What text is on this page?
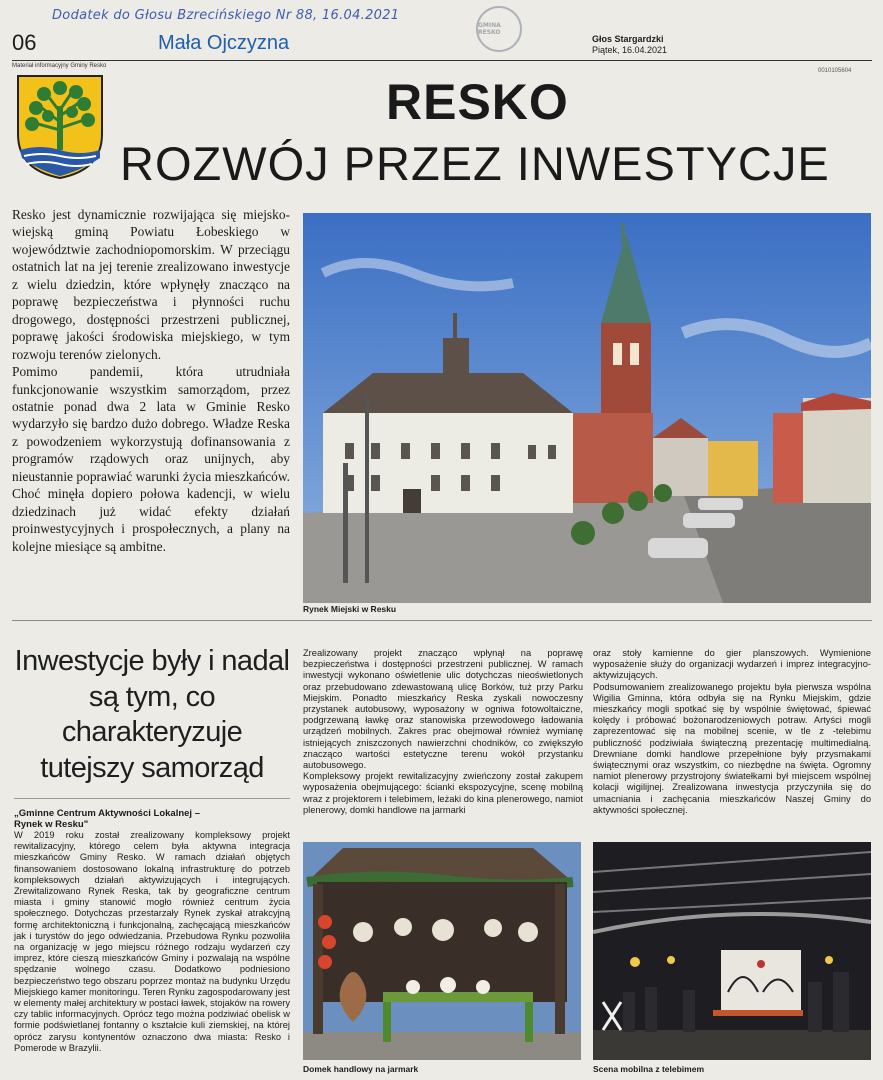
Dodatek do Głosu Bzrecińskiego Nr 88, 16.04.2021
GMINA RESKO
06	Mała Ojczyzna	Głos Stargardzki
Piątek, 16.04.2021
Materiał informacyjny Gminy Resko
0010105604
RESKO
ROZWÓJ PRZEZ INWESTYCJE

Resko jest dynamicznie rozwijająca się miejsko-wiejską gminą Powiatu Łobeskiego w województwie zachodniopomorskim. W przeciągu ostatnich lat na jej terenie zrealizowano inwestycje z wielu dziedzin, które wpłynęły znacząco na poprawę bezpieczeństwa i płynności ruchu drogowego, dostępności przestrzeni publicznej, poprawę jakości środowiska miejskiego, w tym rozwoju terenów zielonych.

Pomimo pandemii, która utrudniała funkcjonowanie wszystkim samorządom, przez ostatnie ponad dwa 2 lata w Gminie Resko wydarzyło się bardzo dużo dobrego. Władze Reska z powodzeniem wykorzystują dofinansowania z programów rządowych oraz unijnych, aby nieustannie poprawiać warunki życia mieszkańców. Choć minęła dopiero połowa kadencji, w wielu dziedzinach już widać efekty działań proinwestycyjnych i prospołecznych, a plany na kolejne miesiące są ambitne.

Rynek Miejski w Resku
Inwestycje były i nadal są tym, co charakteryzuje tutejszy samorząd
„Gminne Centrum Aktywności Lokalnej – Rynek w Resku"

W 2019 roku został zrealizowany kompleksowy projekt rewitalizacyjny, którego celem była aktywna integracja mieszkańców Gminy Resko. W ramach działań objętych finansowaniem dostosowano lokalną infrastrukturę do potrzeb kompleksowych działań aktywizujących i integrujących. Zrewitalizowano Rynek Reska, tak by geograficzne centrum miasta i gminy stanowić mogło również centrum życia społecznego. Dotychczas przestarzały Rynek zyskał atrakcyjną formę architektoniczną i funkcjonalną, zachęcającą mieszkańców jak i turystów do jego odwiedzania. Przebudowa Rynku pozwoliła na organizację w jego miejscu różnego rodzaju wydarzeń czy imprez, które cieszą mieszkańców Gminy i pozwalają na wspólne spędzanie wolnego czasu. Dodatkowo podniesiono bezpieczeństwo tego obszaru poprzez montaż na budynku Urzędu Miejskiego kamer monitoringu. Teren Rynku zagospodarowany jest w elementy małej architektury w postaci ławek, stojaków na rowery czy tablic informacyjnych. Oprócz tego można podziwiać obelisk w formie podświetlanej fontanny o kształcie kuli ziemskiej, na której oprócz zarysu kontynentów oznaczono dwa miasta: Resko i Pomerode w Brazylii.

Zrealizowany projekt znacząco wpłynął na poprawę bezpieczeństwa i dostępności przestrzeni publicznej. W ramach inwestycji wykonano oświetlenie ulic dotychczas nieoświetlonych oraz przebudowano zdewastowaną ulicę Borków, tuż przy Parku Miejskim. Ponadto mieszkańcy Reska zyskali nowoczesny przystanek autobusowy, wyposażony w ogniwa fotowoltaiczne, podgrzewaną ławkę oraz stanowiska przewodowego ładowania urządzeń mobilnych. Zakres prac obejmował również wymianę istniejących zniszczonych nawierzchni chodników, co zwiększyło znacząco wartości estetyczne terenu wokół przystanku autobusowego.

Kompleksowy projekt rewitalizacyjny zwieńczony został zakupem wyposażenia obejmującego: ścianki ekspozycyjne, scenę mobilną wraz z projektorem i telebimem, leżaki do kina plenerowego, namiot plenerowy, domki handlowe na jarmarki

oraz stoły kamienne do gier planszowych. Wymienione wyposażenie służy do organizacji wydarzeń i imprez integracyjno-aktywizujących.

Podsumowaniem zrealizowanego projektu była pierwsza wspólna Wigilia Gminna, która odbyła się na Rynku Miejskim, gdzie mieszkańcy mogli spotkać się by wspólnie świętować, śpiewać kolędy i próbować bożonarodzeniowych potraw. Artyści mogli zaprezentować się na mobilnej scenie, w tle z -telebimu publiczność podziwiała świąteczną prezentację multimedialną. Drewniane domki handlowe przepełnione były przysmakami świątecznymi oraz wszystkim, co niezbędne na święta. Ogromny namiot plenerowy przystrojony światełkami był miejscem wspólnej kolacji wigilijnej. Zrealizowana inwestycja przyczyniła się do umacniania i zachęcania mieszkańców Naszej Gminy do aktywności społecznej.

Domek handlowy na jarmark	Scena mobilna z telebimem
